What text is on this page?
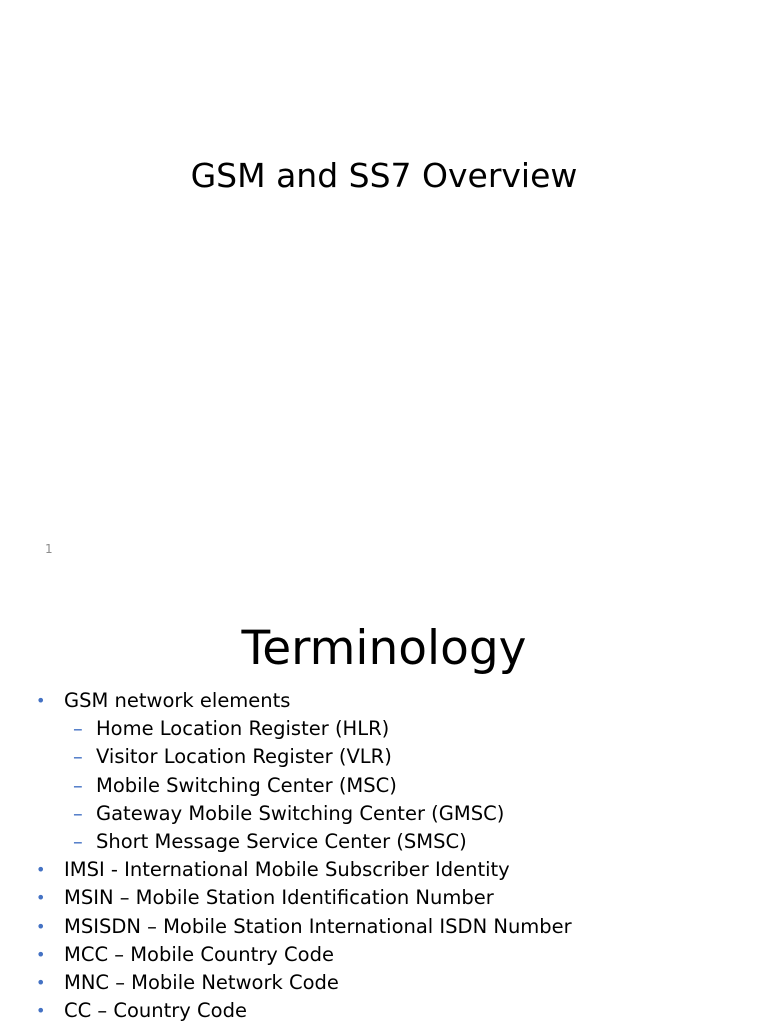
GSM and SS7 Overview
1
Terminology
• GSM network elements
– Home Location Register (HLR)
– Visitor Location Register (VLR)
– Mobile Switching Center (MSC)
– Gateway Mobile Switching Center (GMSC)
– Short Message Service Center (SMSC)
• IMSI - International Mobile Subscriber Identity
• MSIN – Mobile Station Identification Number
• MSISDN – Mobile Station International ISDN Number
• MCC – Mobile Country Code
• MNC – Mobile Network Code
• CC – Country Code
